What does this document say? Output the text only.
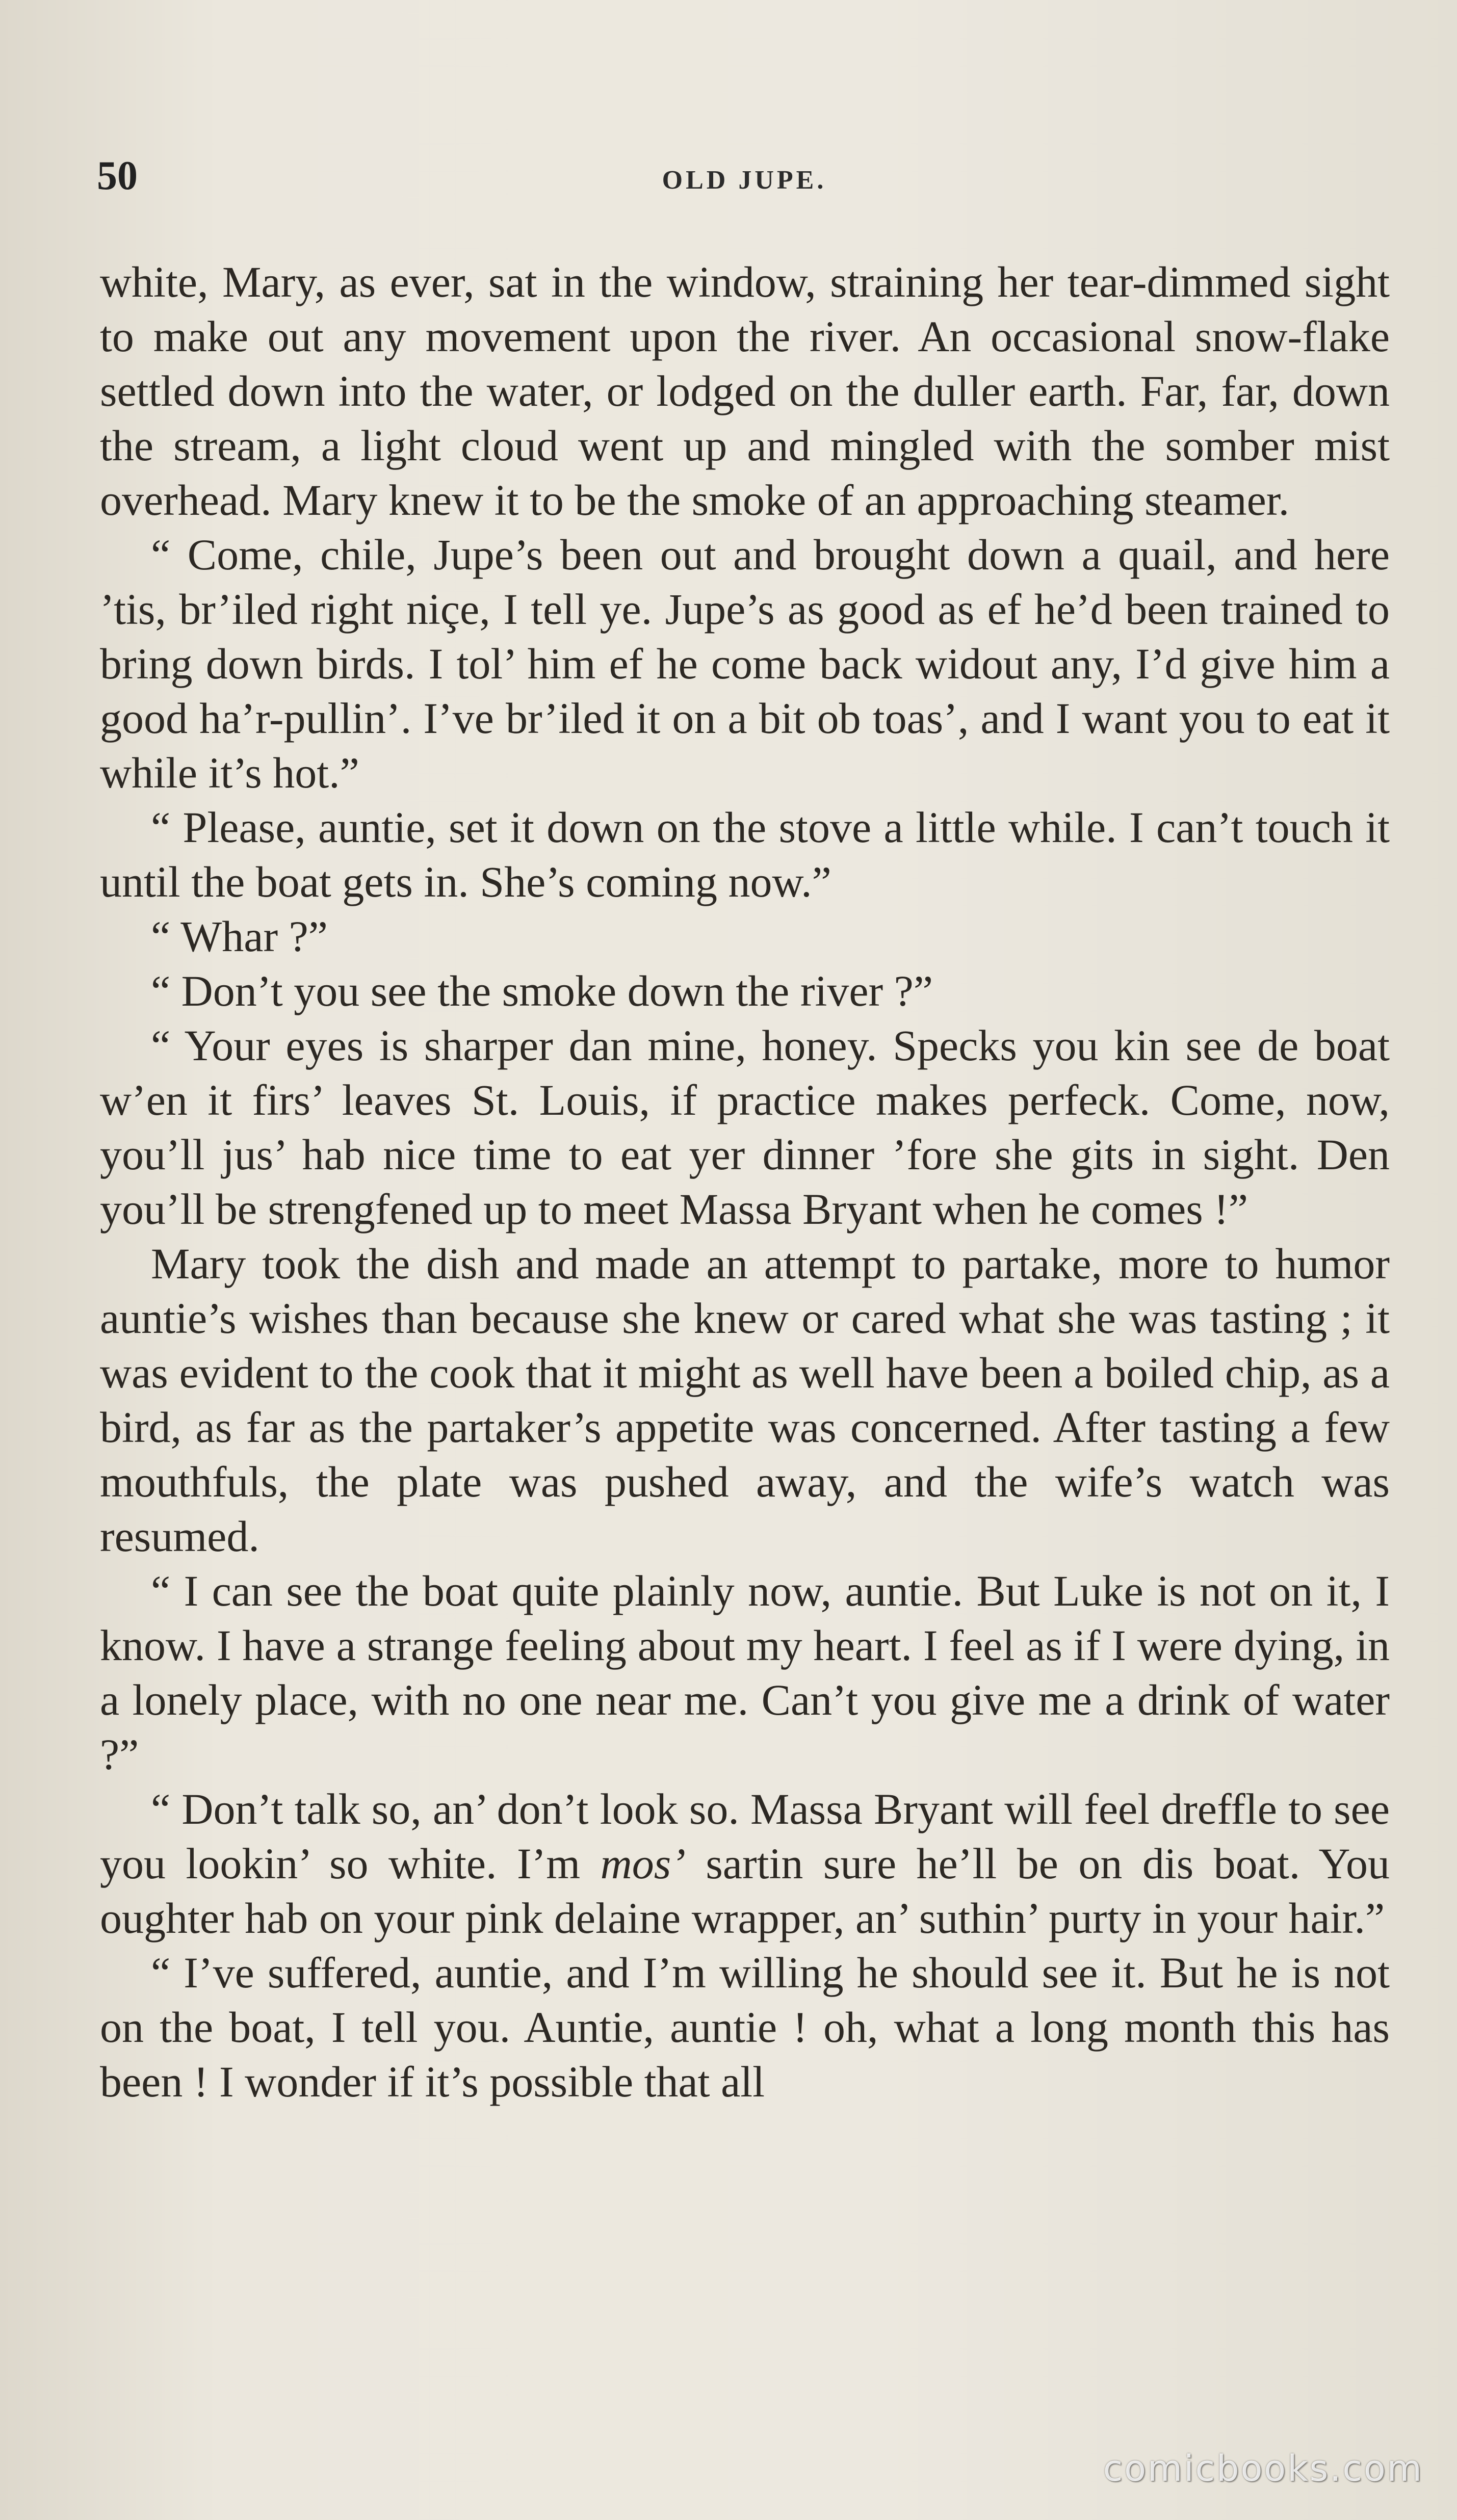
50	OLD JUPE.

white, Mary, as ever, sat in the window, straining her tear-dimmed sight to make out any movement upon the river. An occasional snow-flake settled down into the water, or lodged on the duller earth. Far, far, down the stream, a light cloud went up and mingled with the somber mist overhead. Mary knew it to be the smoke of an approaching steamer.

“ Come, chile, Jupe’s been out and brought down a quail, and here ’tis, br’iled right niçe, I tell ye. Jupe’s as good as ef he’d been trained to bring down birds. I tol’ him ef he come back widout any, I’d give him a good ha’r-pullin’. I’ve br’iled it on a bit ob toas’, and I want you to eat it while it’s hot.”

“ Please, auntie, set it down on the stove a little while. I can’t touch it until the boat gets in. She’s coming now.”

“ Whar ?”

“ Don’t you see the smoke down the river ?”

“ Your eyes is sharper dan mine, honey. Specks you kin see de boat w’en it firs’ leaves St. Louis, if practice makes perfeck. Come, now, you’ll jus’ hab nice time to eat yer dinner ’fore she gits in sight. Den you’ll be strengfened up to meet Massa Bryant when he comes !”

Mary took the dish and made an attempt to partake, more to humor auntie’s wishes than because she knew or cared what she was tasting ; it was evident to the cook that it might as well have been a boiled chip, as a bird, as far as the partaker’s appetite was concerned. After tasting a few mouthfuls, the plate was pushed away, and the wife’s watch was resumed.

“ I can see the boat quite plainly now, auntie. But Luke is not on it, I know. I have a strange feeling about my heart. I feel as if I were dying, in a lonely place, with no one near me. Can’t you give me a drink of water ?”

“ Don’t talk so, an’ don’t look so. Massa Bryant will feel dreffle to see you lookin’ so white. I’m mos’ sartin sure he’ll be on dis boat. You oughter hab on your pink delaine wrapper, an’ suthin’ purty in your hair.”

“ I’ve suffered, auntie, and I’m willing he should see it. But he is not on the boat, I tell you. Auntie, auntie ! oh, what a long month this has been ! I wonder if it’s possible that all

comicbooks.com
